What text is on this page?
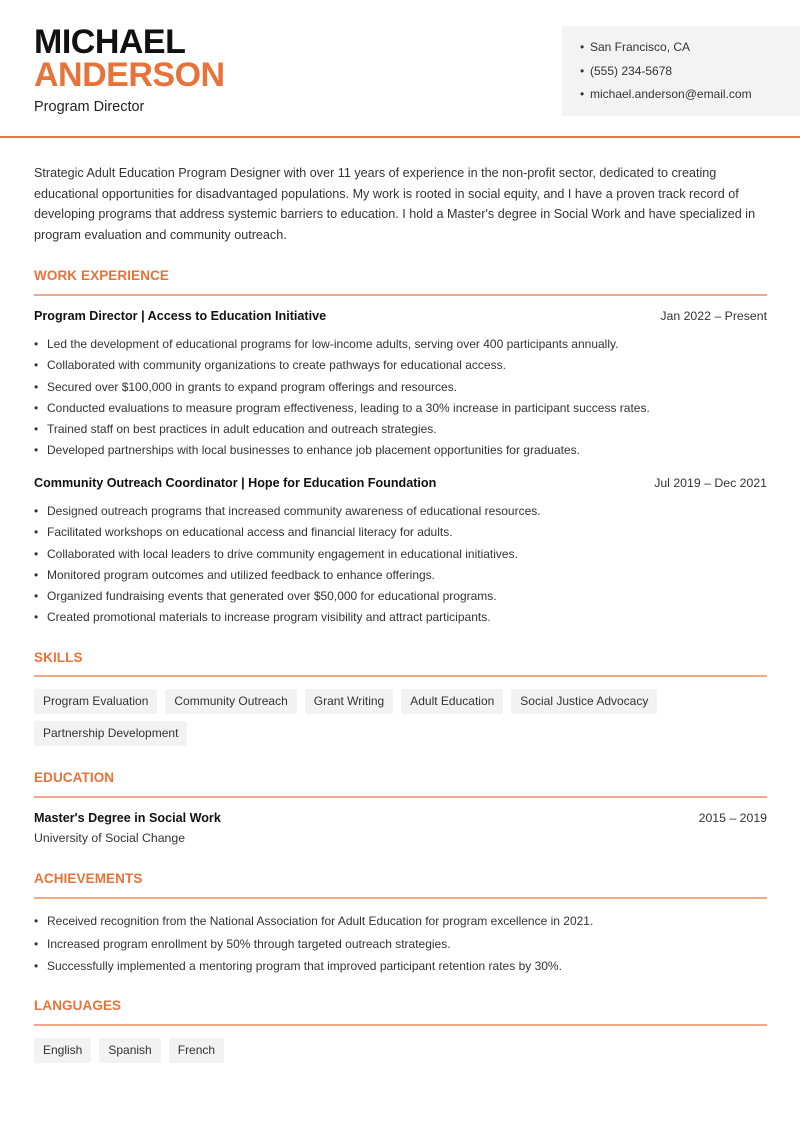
MICHAEL
ANDERSON
Program Director
• San Francisco, CA
• (555) 234-5678
• michael.anderson@email.com

Strategic Adult Education Program Designer with over 11 years of experience in the non-profit sector, dedicated to creating educational opportunities for disadvantaged populations. My work is rooted in social equity, and I have a proven track record of developing programs that address systemic barriers to education. I hold a Master's degree in Social Work and have specialized in program evaluation and community outreach.

WORK EXPERIENCE
Program Director | Access to Education Initiative	Jan 2022 – Present
• Led the development of educational programs for low-income adults, serving over 400 participants annually.
• Collaborated with community organizations to create pathways for educational access.
• Secured over $100,000 in grants to expand program offerings and resources.
• Conducted evaluations to measure program effectiveness, leading to a 30% increase in participant success rates.
• Trained staff on best practices in adult education and outreach strategies.
• Developed partnerships with local businesses to enhance job placement opportunities for graduates.
Community Outreach Coordinator | Hope for Education Foundation	Jul 2019 – Dec 2021
• Designed outreach programs that increased community awareness of educational resources.
• Facilitated workshops on educational access and financial literacy for adults.
• Collaborated with local leaders to drive community engagement in educational initiatives.
• Monitored program outcomes and utilized feedback to enhance offerings.
• Organized fundraising events that generated over $50,000 for educational programs.
• Created promotional materials to increase program visibility and attract participants.
SKILLS
Program Evaluation	Community Outreach	Grant Writing	Adult Education	Social Justice Advocacy
Partnership Development
EDUCATION
Master's Degree in Social Work	2015 – 2019
University of Social Change
ACHIEVEMENTS
• Received recognition from the National Association for Adult Education for program excellence in 2021.
• Increased program enrollment by 50% through targeted outreach strategies.
• Successfully implemented a mentoring program that improved participant retention rates by 30%.
LANGUAGES
English	Spanish	French
